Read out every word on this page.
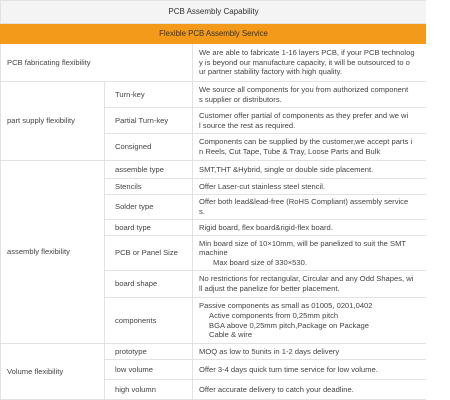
PCB Assembly Capability		
Flexible PCB Assembly Service		
PCB fabricating flexibility		We are able to fabricate 1-16 layers PCB, if your PCB technolog
y is beyond our manufacture capacity, it will be outsourced to o
ur partner stability factory with high quality.

part supply flexibility	Turn-key	We source all components for you from authorized component
s supplier or distributors.

	Partial Turn-key	Customer offer partial of components as they prefer and we wi
l source the rest as required.

	Consigned	Components can be supplied by the customer,we accept parts i
n Reels, Cut Tape, Tube & Tray, Loose Parts and Bulk

assembly flexibility	assemble type	SMT,THT &Hybrid, single or double side placement.
	Stencils	Offer Laser-cut stainless steel stencil.
	Solder type	Offer both lead&lead-free (RoHS Compliant) assembly service
s.

	board type	Rigid board, flex board&rigid-flex board.
	PCB or Panel Size	Min board size of 10×10mm, will be panelized to suit the SMT
machine
Max board size of 330×530.

	board shape	No restrictions for rectangular, Circular and any Odd Shapes, wi
ll adjust the panelize for better placement.

	components	Passive components as small as 01005, 0201,0402
Active components from 0,25mm pitch
BGA above 0,25mm pitch,Package on Package
Cable & wire

Volume flexibility	prototype	MOQ as low to 5units in 1-2 days delivery
	low volume	Offer 3-4 days quick turn time service for low volume.
	high volumn	Offer accurate delivery to catch your deadline.
